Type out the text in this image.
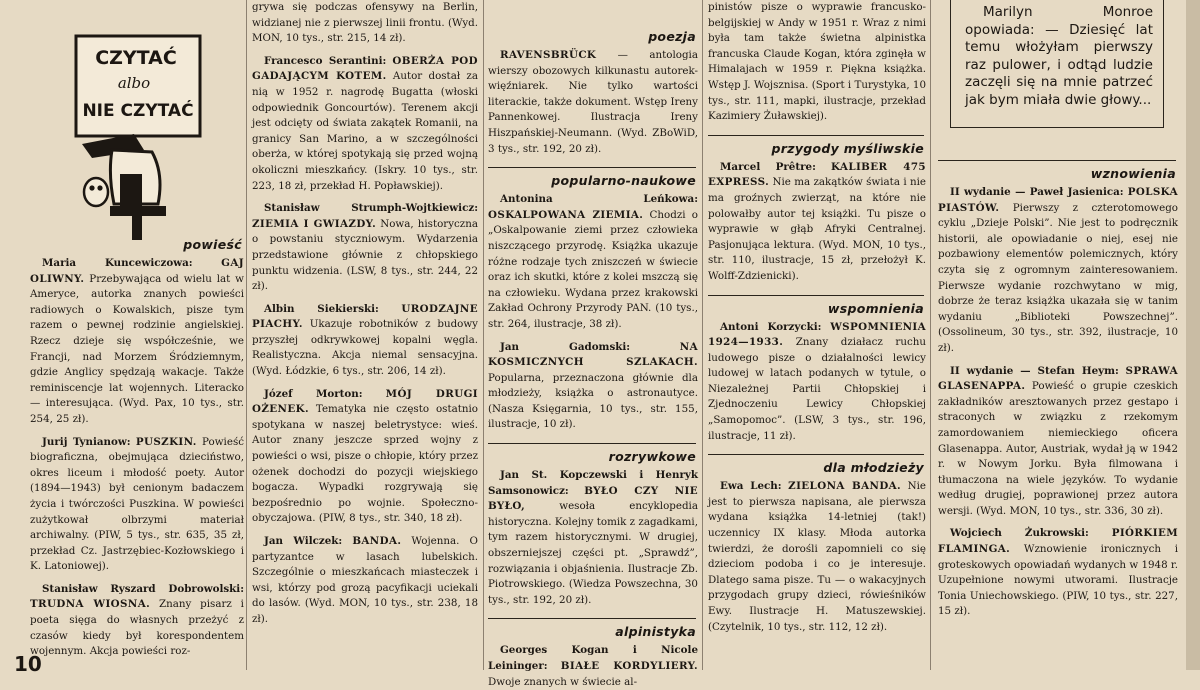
CZYTAĆ
albo
NIE CZYTAĆ
powieść

Maria Kuncewiczowa:	GAJ OLIWNY. Przebywająca od wielu lat w Ameryce, autorka znanych powieści radiowych o Kowalskich, pisze tym razem o pewnej rodzinie angielskiej. Rzecz dzieje się współcześnie, we Francji, nad Morzem Śródziemnym, gdzie Anglicy spędzają wakacje. Także reminiscencje lat wojennych. Literacko — interesująca. (Wyd. Pax, 10 tys., str. 254, 25 zł).

Jurij Tynianow: PUSZKIN. Powieść biograficzna, obejmująca dzieciństwo, okres liceum i młodość poety. Autor (1894—1943) był cenionym badaczem życia i twórczości Puszkina. W powieści zużytkował olbrzymi materiał archiwalny. (PIW, 5 tys., str. 635, 35 zł, przekład Cz. Jastrzębiec-Kozłowskiego i K. Latoniowej).

Stanisław Ryszard Dobrowolski: TRUDNA WIOSNA. Znany pisarz i poeta sięga do własnych przeżyć z czasów kiedy był korespondentem wojennym. Akcja powieści roz-

grywa się podczas ofensywy na Berlin, widzianej nie z pierwszej linii frontu. (Wyd. MON, 10 tys., str. 215, 14 zł).

Francesco Serantini: OBERŻA POD GADAJĄCYM KOTEM. Autor dostał za nią w 1952 r. nagrodę Bugatta (włoski odpowiednik Goncourtów). Terenem akcji jest odcięty od świata zakątek Romanii, na granicy San Marino, a w szczególności oberża, w której spotykają się przed wojną okoliczni mieszkańcy. (Iskry. 10 tys., str. 223, 18 zł, przekład H. Popławskiej).

Stanisław Strumph-Wojtkiewicz: ZIEMIA I GWIAZDY. Nowa, historyczna o powstaniu styczniowym. Wydarzenia przedstawione głównie z chłopskiego punktu widzenia. (LSW, 8 tys., str. 244, 22 zł).

Albin Siekierski: URODZAJNE PIACHY. Ukazuje robotników z budowy przyszłej odkrywkowej kopalni węgla. Realistyczna. Akcja niemal sensacyjna. (Wyd. Łódzkie, 6 tys., str. 206, 14 zł).

Józef Morton: MÓJ DRUGI OŻENEK. Tematyka nie często ostatnio spotykana w naszej beletrystyce: wieś. Autor znany jeszcze sprzed wojny z powieści o wsi, pisze o chłopie, który przez ożenek dochodzi do pozycji wiejskiego bogacza. Wypadki rozgrywają się bezpośrednio po wojnie. Społeczno-obyczajowa. (PIW, 8 tys., str. 340, 18 zł).

Jan Wilczek: BANDA. Wojenna. O partyzantce w lasach lubelskich. Szczególnie o mieszkańcach miasteczek i wsi, którzy pod grozą pacyfikacji uciekali do lasów. (Wyd. MON, 10 tys., str. 238, 18 zł).

poezja

RAVENSBRÜCK — antologia wierszy obozowych kilkunastu autorek-więźniarek. Nie tylko wartości literackie, także dokument. Wstęp Ireny Pannenkowej. Ilustracja Ireny Hiszpańskiej-Neumann. (Wyd. ZBoWiD, 3 tys., str. 192, 20 zł).

popularno-naukowe

Antonina Leńkowa: OSKALPOWANA ZIEMIA. Chodzi o „Oskalpowanie ziemi przez człowieka niszczącego przyrodę. Książka ukazuje różne rodzaje tych zniszczeń w świecie oraz ich skutki, które z kolei mszczą się na człowieku. Wydana przez krakowski Zakład Ochrony Przyrody PAN. (10 tys., str. 264, ilustracje, 38 zł).

Jan Gadomski:	NA KOSMICZNYCH SZLAKACH. Popularna, przeznaczona głównie dla młodzieży, książka o astronautyce. (Nasza Księgarnia, 10 tys., str. 155, ilustracje, 10 zł).

rozrywkowe

Jan St. Kopczewski i Henryk Samsonowicz: BYŁO CZY NIE BYŁO,	wesoła encyklopedia historyczna. Kolejny tomik z zagadkami, tym razem historycznymi. W drugiej, obszerniejszej części pt. „Sprawdź”, rozwiązania i objaśnienia. Ilustracje Zb. Piotrowskiego. (Wiedza Powszechna, 30 tys., str. 192, 20 zł).

alpinistyka

Georges Kogan i Nicole Leininger: BIAŁE KORDYLIERY. Dwoje znanych w świecie al-

pinistów pisze o wyprawie francusko-belgijskiej w Andy w 1951 r. Wraz z nimi była tam także świetna alpinistka francuska Claude Kogan, która zginęła w Himalajach w 1959 r. Piękna książka. Wstęp J. Wojsznisa. (Sport i Turystyka, 10 tys., str. 111, mapki, ilustracje, przekład Kazimiery Żuławskiej).

przygody myśliwskie

Marcel Prêtre: KALIBER 475 EXPRESS. Nie ma zakątków świata i nie ma groźnych zwierząt, na które nie polowałby autor tej książki. Tu pisze o wyprawie w głąb Afryki Centralnej. Pasjonująca lektura. (Wyd. MON, 10 tys., str. 110, ilustracje, 15 zł, przełożył K. Wolff-Zdzienicki).

wspomnienia

Antoni Korzycki: WSPOMNIENIA 1924—1933. Znany działacz ruchu ludowego pisze o działalności lewicy ludowej w latach podanych w tytule, o Niezależnej Partii Chłopskiej i Zjednoczeniu Lewicy Chłopskiej „Samopomoc”. (LSW, 3 tys., str. 196, ilustracje, 11 zł).

dla młodzieży

Ewa Lech: ZIELONA BANDA. Nie jest to pierwsza napisana, ale pierwsza wydana książka 14-letniej (tak!) uczennicy IX klasy. Młoda autorka twierdzi, że dorośli zapomnieli co się dzieciom podoba i co je interesuje. Dlatego sama pisze. Tu — o wakacyjnych przygodach grupy dzieci, rówieśników Ewy. Ilustracje H. Matuszewskiej. (Czytelnik, 10 tys., str. 112, 12 zł).

Marilyn Monroe opowiada: — Dziesięć lat temu włożyłam pierwszy raz pulower, i odtąd ludzie zaczęli się na mnie patrzeć jak bym miała dwie głowy...

wznowienia

II wydanie — Paweł Jasienica: POLSKA PIASTÓW. Pierwszy z czterotomowego cyklu „Dzieje Polski”. Nie jest to podręcznik historii, ale opowiadanie o niej, esej nie pozbawiony elementów polemicznych, który czyta się z ogromnym zainteresowaniem. Pierwsze wydanie rozchwytano w mig, dobrze że teraz książka ukazała się w tanim wydaniu „Biblioteki Powszechnej”. (Ossolineum, 30 tys., str. 392, ilustracje, 10 zł).

II wydanie — Stefan Heym: SPRAWA GLASENAPPA. Powieść o grupie czeskich zakładników aresztowanych przez gestapo i straconych w związku z rzekomym zamordowaniem niemieckiego oficera Glasenappa. Autor, Austriak, wydał ją w 1942 r. w Nowym Jorku. Była filmowana i tłumaczona na wiele języków. To wydanie według drugiej, poprawionej przez autora wersji. (Wyd. MON, 10 tys., str. 336, 30 zł).

Wojciech Żukrowski: PIÓRKIEM FLAMINGA. Wznowienie ironicznych i groteskowych opowiadań wydanych w 1948 r. Uzupełnione nowymi utworami. Ilustracje Tonia Uniechowskiego. (PIW, 10 tys., str. 227, 15 zł).

10
